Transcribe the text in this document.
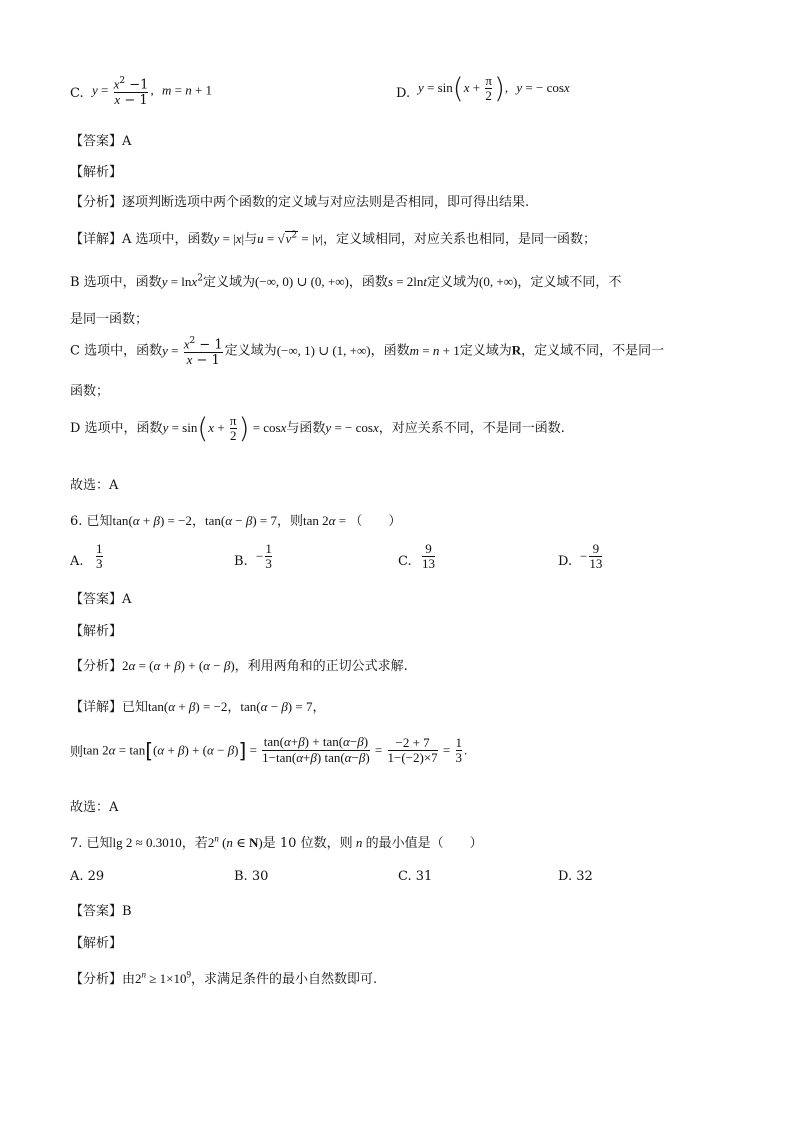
C. $y = \frac{x^2 -1}{x - 1}$ , m = n + 1	D. $y = \sin(x + \frac{\pi}{2}$ ), y = − cosx
【答案】A
【解析】
【分析】逐项判断选项中两个函数的定义域与对应法则是否相同，即可得出结果.
【详解】A 选项中，函数y = |x|与$u = √v^2 = |v|$，定义域相同，对应关系也相同，是同一函数；
B 选项中，函数y = lnx$^2$定义域为(−∞, 0) ∪ (0, +∞)，函数s = 2lnt定义域为(0, +∞)，定义域不同，不
是同一函数；
C 选项中，函数$y = \frac{x^2 - 1}{x - 1}$ 定义域为(−∞, 1) ∪ (1, +∞)，函数m = n + 1定义域为R，定义域不同，不是同一
函数；
D 选项中，函数$y = \sin(x + \frac{\pi}{2}$ ) = cosx与函数y = − cosx，对应关系不同，不是同一函数.
故选：A
6. 已知tan(α + β) = −2，tan(α − β) = 7，则tan 2α = （　　）
A. $\frac{1}{3}$	B. − $\frac{1}{3}$	C. $\frac{9}{13}$	D. − $\frac{9}{13}$
【答案】A
【解析】
【分析】2α = (α + β) + (α − β)，利用两角和的正切公式求解.
【详解】已知tan(α + β) = −2，tan(α − β) = 7，
则$\tan 2\alpha = \tan[(\alpha + \beta) + (\alpha - \beta)] = \frac{\tan(\alpha+\beta) + \tan(\alpha-\beta)}{1-\tan(\alpha+\beta) \tan(\alpha-\beta)} = \frac{-2 + 7}{1-(-2)\times 7} = \frac{1}{3}$ .
故选：A
7. 已知lg 2 ≈ 0.3010，若2$^n$ (n ∈ N)是 10 位数，则 n 的最小值是（　　）
A. 29	B. 30	C. 31	D. 32
【答案】B
【解析】
【分析】由$2^n \ge 1\times 10^9$，求满足条件的最小自然数即可.
